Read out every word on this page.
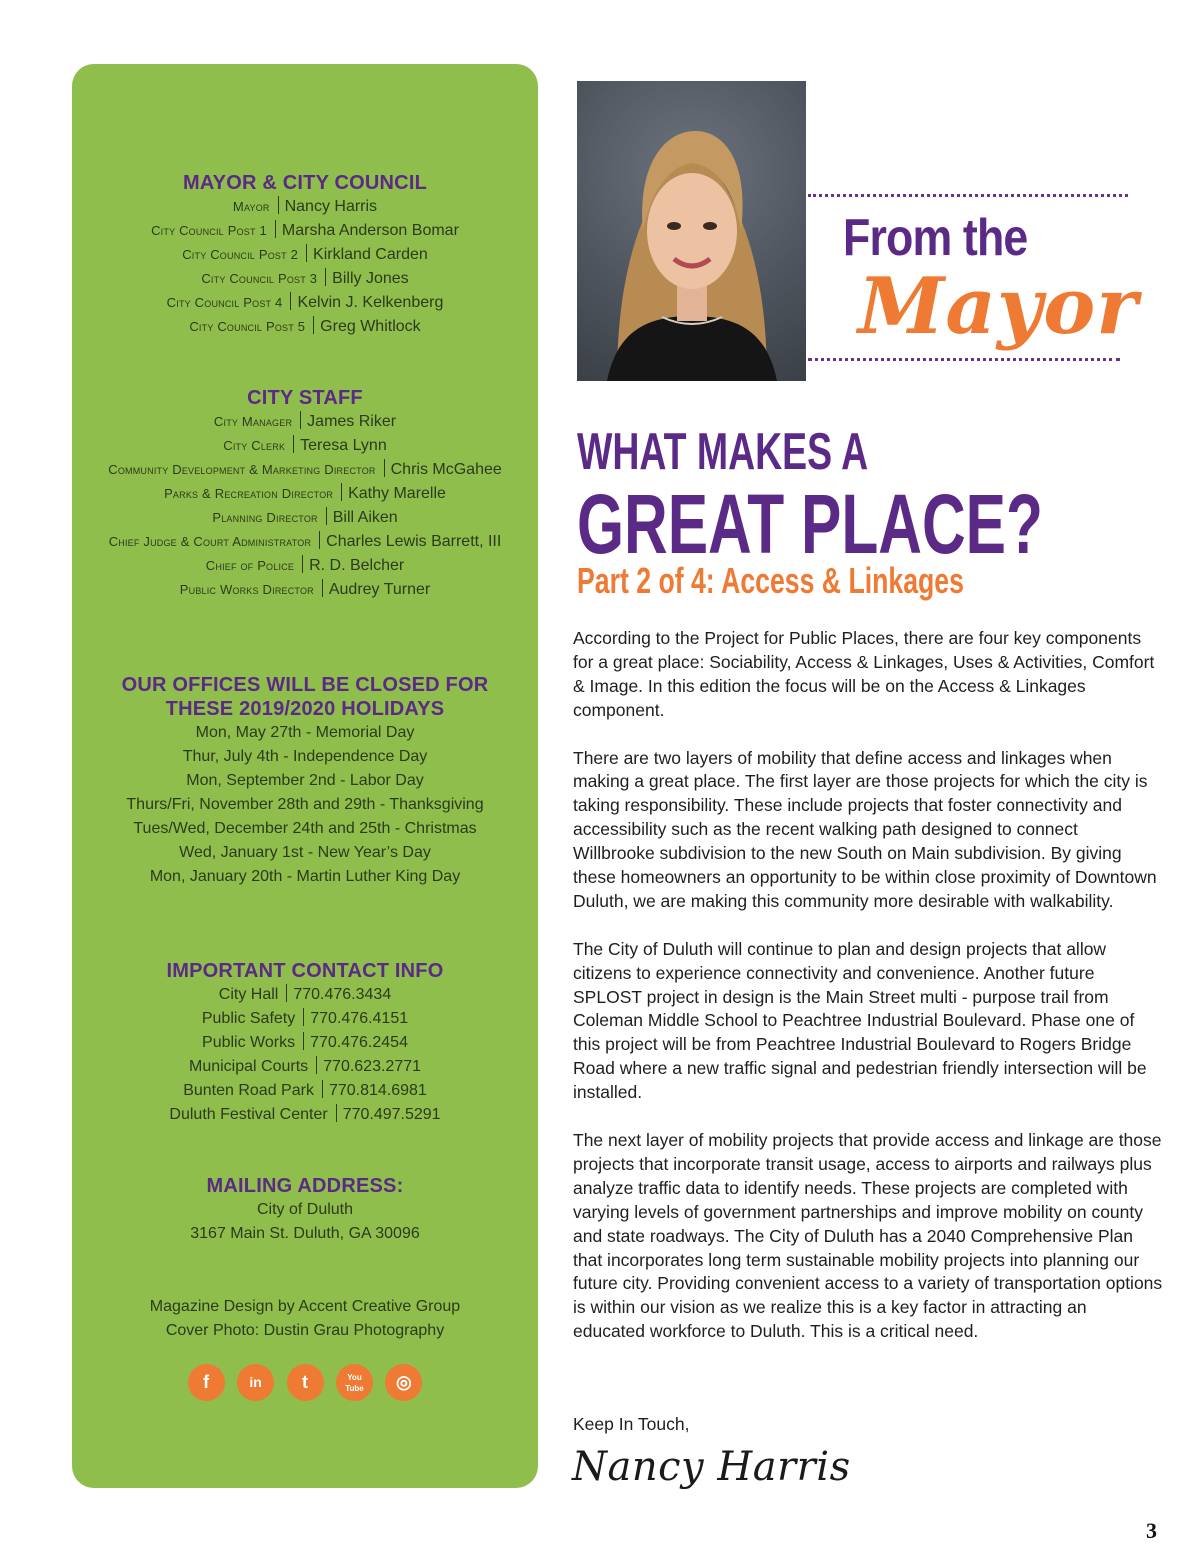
MAYOR & CITY COUNCIL
Mayor Nancy Harris
City Council Post 1 Marsha Anderson Bomar
City Council Post 2 Kirkland Carden
City Council Post 3 Billy Jones
City Council Post 4 Kelvin J. Kelkenberg
City Council Post 5 Greg Whitlock
CITY STAFF
City Manager James Riker
City Clerk Teresa Lynn
Community Development & Marketing Director Chris McGahee
Parks & Recreation Director Kathy Marelle
Planning Director Bill Aiken
Chief Judge & Court Administrator Charles Lewis Barrett, III
Chief of Police R. D. Belcher
Public Works Director Audrey Turner
OUR OFFICES WILL BE CLOSED FOR
THESE 2019/2020 HOLIDAYS
Mon, May 27th - Memorial Day
Thur, July 4th - Independence Day
Mon, September 2nd - Labor Day
Thurs/Fri, November 28th and 29th - Thanksgiving
Tues/Wed, December 24th and 25th - Christmas
Wed, January 1st - New Year’s Day
Mon, January 20th - Martin Luther King Day
IMPORTANT CONTACT INFO
City Hall 770.476.3434
Public Safety 770.476.4151
Public Works 770.476.2454
Municipal Courts 770.623.2771
Bunten Road Park 770.814.6981
Duluth Festival Center 770.497.5291
MAILING ADDRESS:
City of Duluth
3167 Main St. Duluth, GA 30096
Magazine Design by Accent Creative Group
Cover Photo: Dustin Grau Photography
f	in t	You Tube ◎
From the
Mayor
WHAT MAKES A
GREAT PLACE?
Part 2 of 4: Access & Linkages

According to the Project for Public Places, there are four key components for a great place: Sociability, Access & Linkages, Uses & Activities, Comfort & Image. In this edition the focus will be on the Access & Linkages component.

There are two layers of mobility that define access and linkages when making a great place. The first layer are those projects for which the city is taking responsibility. These include projects that foster connectivity and accessibility such as the recent walking path designed to connect Willbrooke subdivision to the new South on Main subdivision. By giving these homeowners an opportunity to be within close proximity of Downtown Duluth, we are making this community more desirable with walkability.

The City of Duluth will continue to plan and design projects that allow citizens to experience connectivity and convenience. Another future SPLOST project in design is the Main Street multi - purpose trail from Coleman Middle School to Peachtree Industrial Boulevard. Phase one of this project will be from Peachtree Industrial Boulevard to Rogers Bridge Road where a new traffic signal and pedestrian friendly intersection will be installed.

The next layer of mobility projects that provide access and linkage are those projects that incorporate transit usage, access to airports and railways plus analyze traffic data to identify needs. These projects are completed with varying levels of government partnerships and improve mobility on county and state roadways. The City of Duluth has a 2040 Comprehensive Plan that incorporates long term sustainable mobility projects into planning our future city. Providing convenient access to a variety of transportation options is within our vision as we realize this is a key factor in attracting an educated workforce to Duluth. This is a critical need.

Keep In Touch,
Nancy Harris
3
